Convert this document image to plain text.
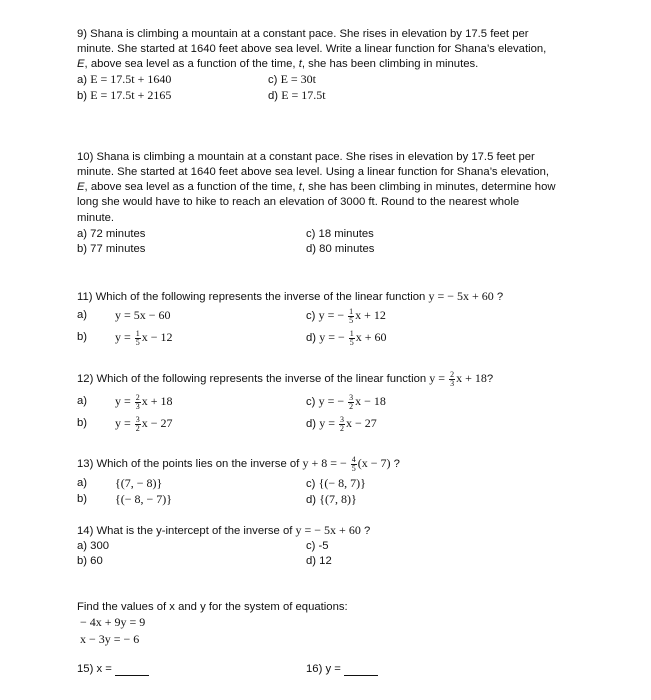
9) Shana is climbing a mountain at a constant pace. She rises in elevation by 17.5 feet per
minute. She started at 1640 feet above sea level. Write a linear function for Shana’s elevation,
E, above sea level as a function of the time, t, she has been climbing in minutes.
a) E = 17.5t + 1640
b) E = 17.5t + 2165
c) E = 30t
d) E = 17.5t
10) Shana is climbing a mountain at a constant pace. She rises in elevation by 17.5 feet per
minute. She started at 1640 feet above sea level. Using a linear function for Shana’s elevation,
E, above sea level as a function of the time, t, she has been climbing in minutes, determine how
long she would have to hike to reach an elevation of 3000 ft. Round to the nearest whole
minute.
a) 72 minutes
b) 77 minutes
c) 18 minutes
d) 80 minutes
11) Which of the following represents the inverse of the linear function y = − 5x + 60 ?
a) y = 5x − 60
b) $y = \frac{1}{5}$ x − 12
c) y = − $\frac{1}{5}$ x + 12
d) y = − $\frac{1}{5}$ x + 60
12) Which of the following represents the inverse of the linear function $y = \frac{2}{3}$ x + 18?
a) $y = \frac{2}{3}$ x + 18
b) $y = \frac{3}{2}$ x − 27
c) y = − $\frac{3}{2}$ x − 18
d) $y = \frac{3}{2}$ x − 27
13) Which of the points lies on the inverse of y + 8 = − $\frac{4}{5} (x - 7)$ ?
a) {(7, − 8)}
b) {(− 8, − 7)}
c) {(− 8, 7)}
d) {(7, 8)}
14) What is the y-intercept of the inverse of y = − 5x + 60 ?
a) 300
b) 60
c) -5
d) 12
Find the values of x and y for the system of equations:
− 4x + 9y = 9
x − 3y = − 6
15) x =	16) y =
